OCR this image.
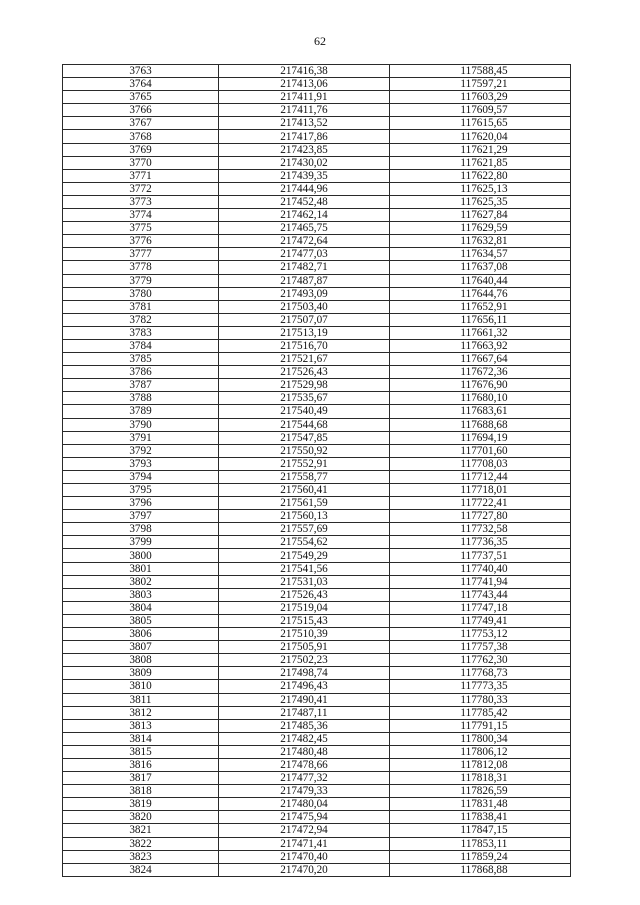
62
3763	217416,38	117588,45
3764	217413,06	117597,21
3765	217411,91	117603,29
3766	217411,76	117609,57
3767	217413,52	117615,65
3768	217417,86	117620,04
3769	217423,85	117621,29
3770	217430,02	117621,85
3771	217439,35	117622,80
3772	217444,96	117625,13
3773	217452,48	117625,35
3774	217462,14	117627,84
3775	217465,75	117629,59
3776	217472,64	117632,81
3777	217477,03	117634,57
3778	217482,71	117637,08
3779	217487,87	117640,44
3780	217493,09	117644,76
3781	217503,40	117652,91
3782	217507,07	117656,11
3783	217513,19	117661,32
3784	217516,70	117663,92
3785	217521,67	117667,64
3786	217526,43	117672,36
3787	217529,98	117676,90
3788	217535,67	117680,10
3789	217540,49	117683,61
3790	217544,68	117688,68
3791	217547,85	117694,19
3792	217550,92	117701,60
3793	217552,91	117708,03
3794	217558,77	117712,44
3795	217560,41	117718,01
3796	217561,59	117722,41
3797	217560,13	117727,80
3798	217557,69	117732,58
3799	217554,62	117736,35
3800	217549,29	117737,51
3801	217541,56	117740,40
3802	217531,03	117741,94
3803	217526,43	117743,44
3804	217519,04	117747,18
3805	217515,43	117749,41
3806	217510,39	117753,12
3807	217505,91	117757,38
3808	217502,23	117762,30
3809	217498,74	117768,73
3810	217496,43	117773,35
3811	217490,41	117780,33
3812	217487,11	117785,42
3813	217485,36	117791,15
3814	217482,45	117800,34
3815	217480,48	117806,12
3816	217478,66	117812,08
3817	217477,32	117818,31
3818	217479,33	117826,59
3819	217480,04	117831,48
3820	217475,94	117838,41
3821	217472,94	117847,15
3822	217471,41	117853,11
3823	217470,40	117859,24
3824	217470,20	117868,88
